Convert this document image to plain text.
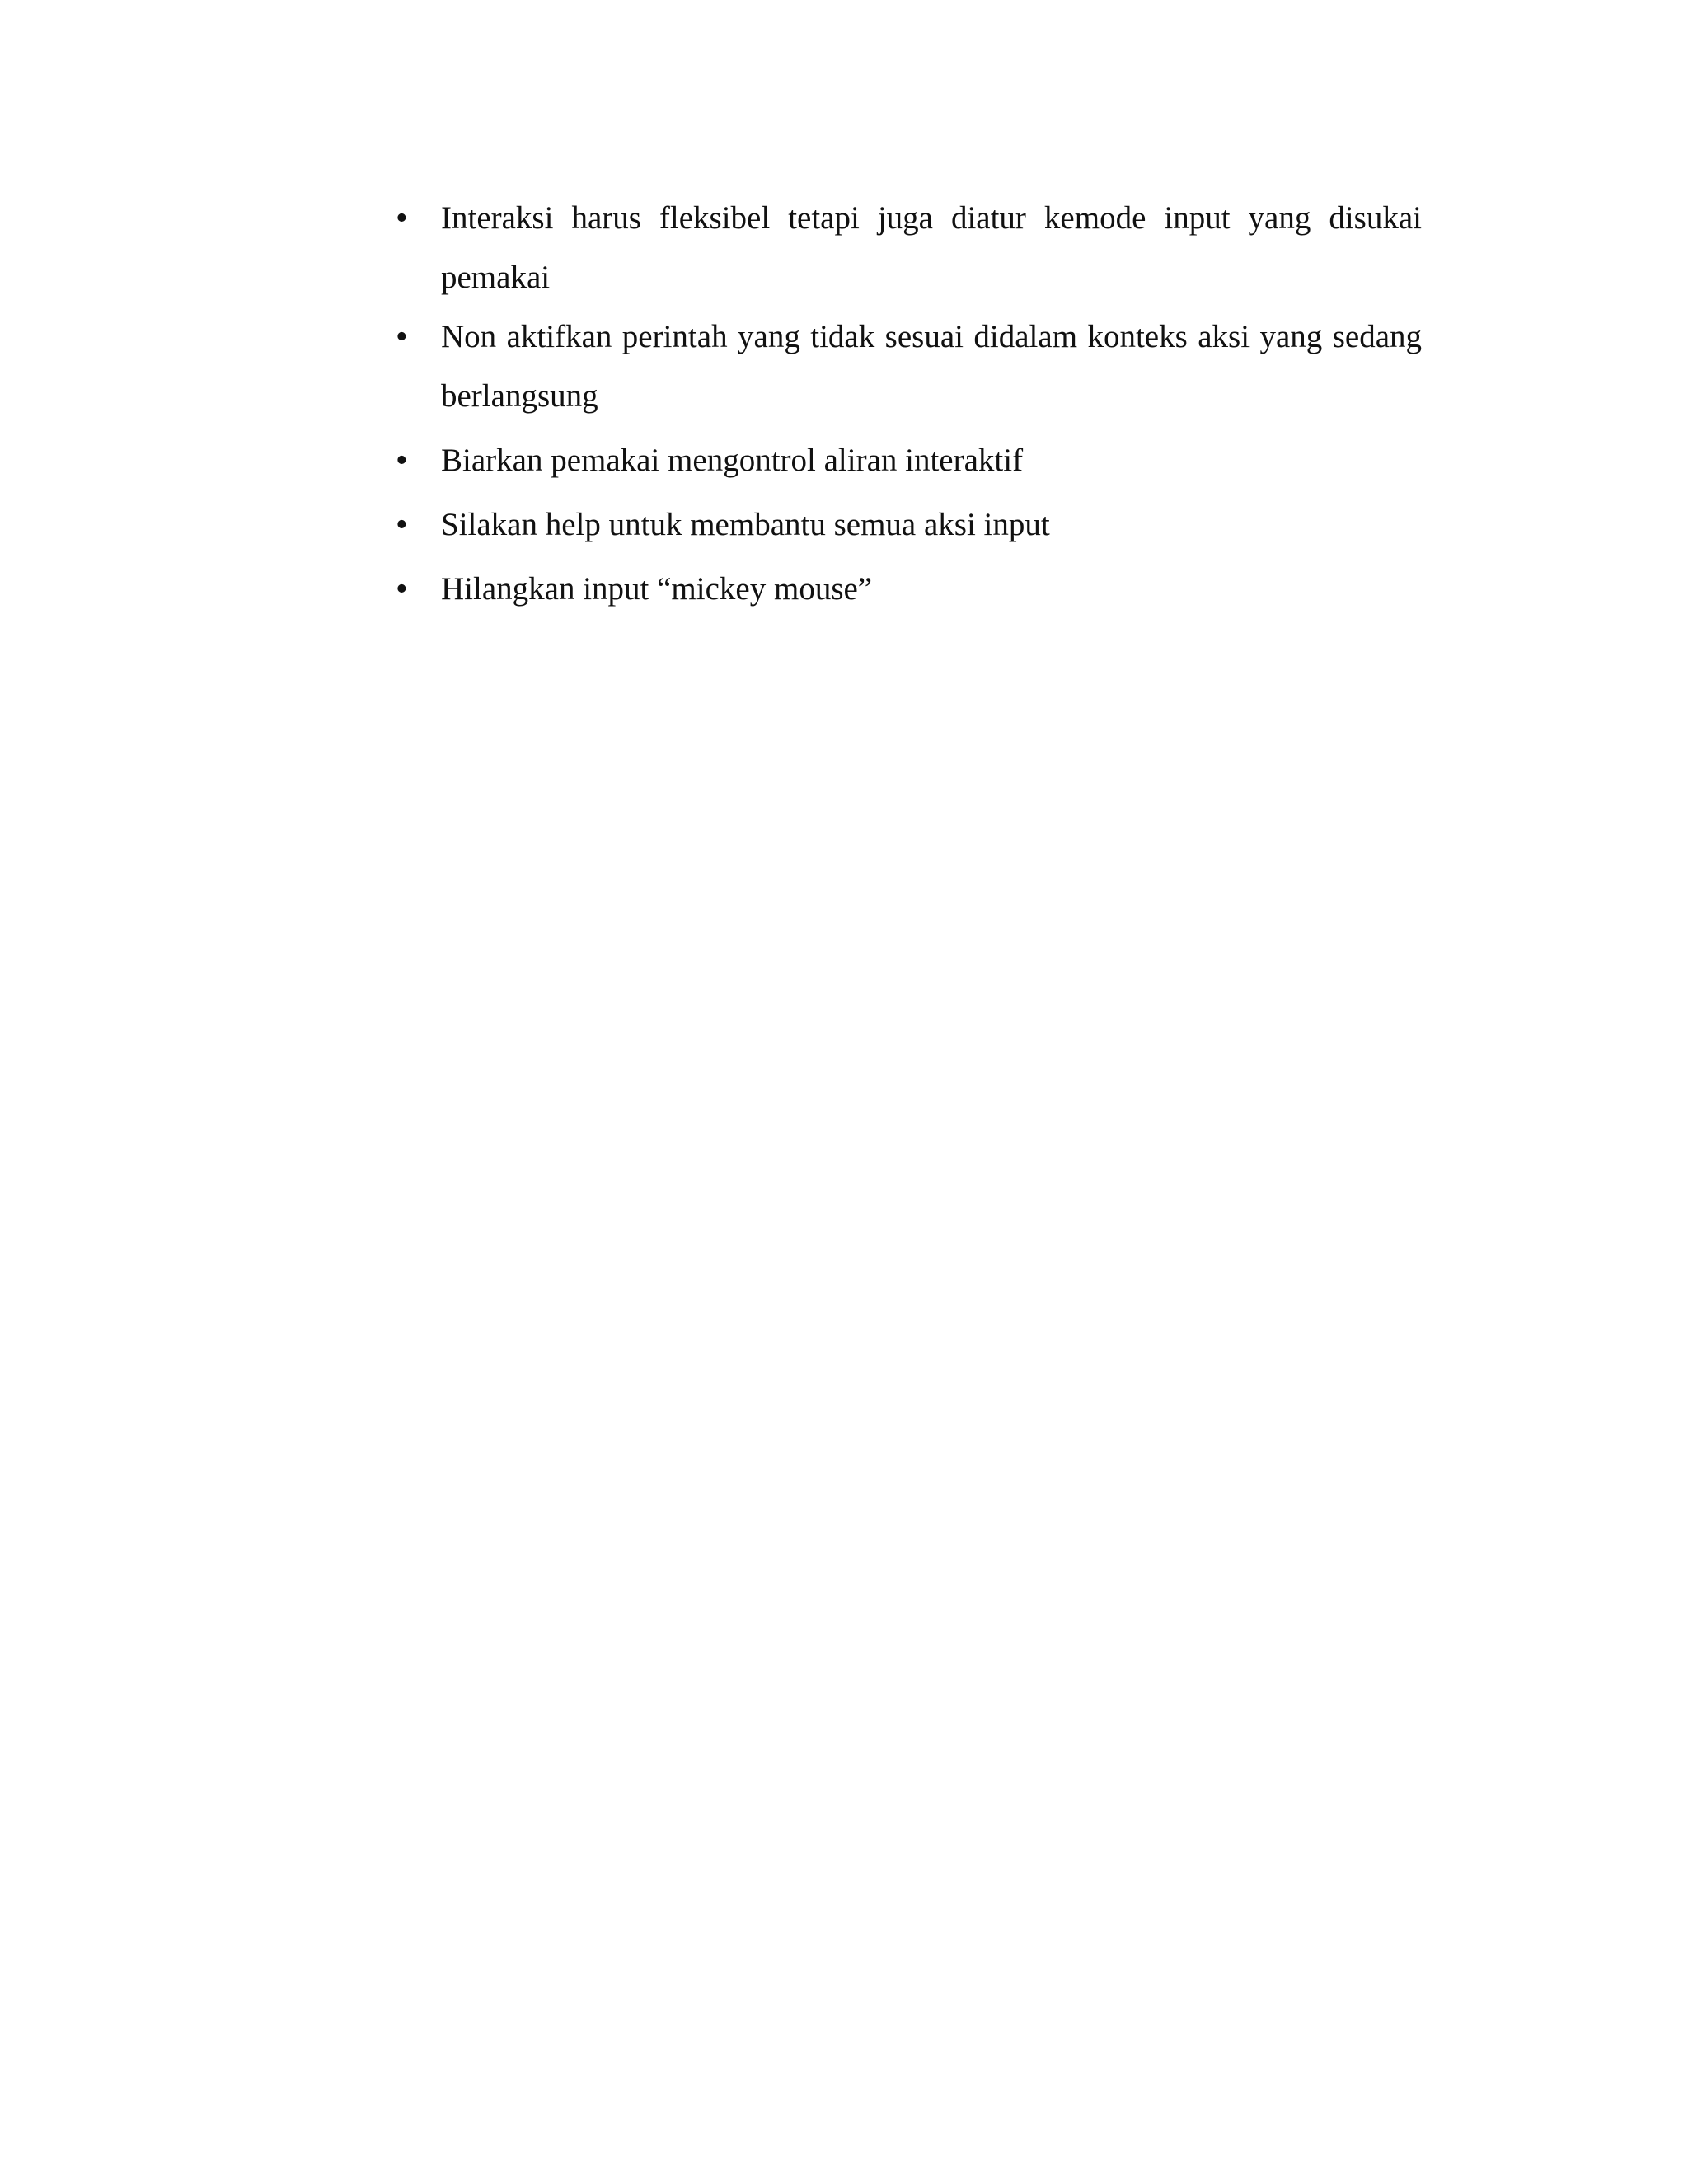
•	Interaksi harus fleksibel tetapi juga diatur kemode input yang disukai pemakai
•	Non aktifkan perintah yang tidak sesuai didalam konteks aksi yang sedang berlangsung
•	Biarkan pemakai mengontrol aliran interaktif
•	Silakan help untuk membantu semua aksi input
•	Hilangkan input “mickey mouse”
